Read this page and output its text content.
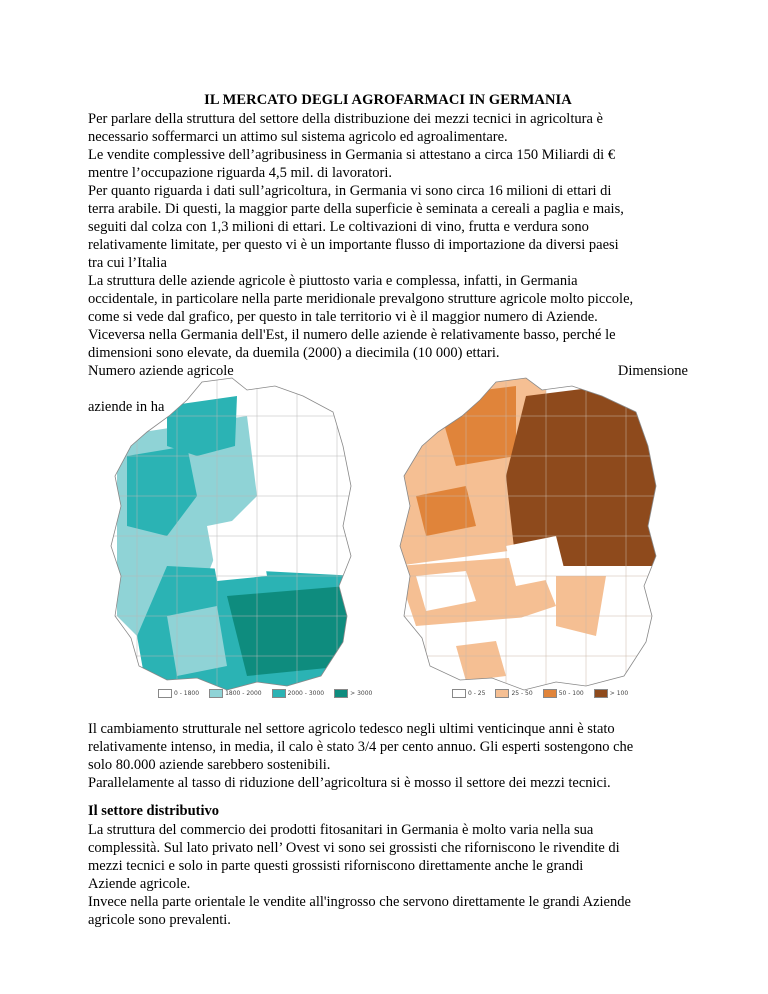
IL MERCATO DEGLI AGROFARMACI IN GERMANIA
Per parlare della struttura del settore della distribuzione dei mezzi tecnici in agricoltura è
necessario soffermarci un attimo sul sistema agricolo ed agroalimentare.
Le vendite complessive dell’agribusiness in Germania si attestano a circa 150 Miliardi di €
mentre l’occupazione riguarda 4,5 mil. di lavoratori.
Per quanto riguarda i dati sull’agricoltura, in Germania vi sono circa 16 milioni di ettari di
terra arabile. Di questi, la maggior parte della superficie è seminata a cereali a paglia e mais,
seguiti dal colza con 1,3 milioni di ettari. Le coltivazioni di vino, frutta e verdura sono
relativamente limitate, per questo vi è un importante flusso di importazione da diversi paesi
tra cui l’Italia
La struttura delle aziende agricole è piuttosto varia e complessa, infatti, in Germania
occidentale, in particolare nella parte meridionale prevalgono strutture agricole molto piccole,
come si vede dal grafico, per questo in tale territorio vi è il maggior numero di Aziende.
Viceversa nella Germania dell'Est, il numero delle aziende è relativamente basso, perché le
dimensioni sono elevate, da duemila (2000) a diecimila (10 000) ettari.

Numero aziende agricole	Dimensione

aziende in ha

Il cambiamento strutturale nel settore agricolo tedesco negli ultimi venticinque anni è stato
relativamente intenso, in media, il calo è stato 3/4 per cento annuo. Gli esperti sostengono che
solo 80.000 aziende sarebbero sostenibili.
Parallelamente al tasso di riduzione dell’agricoltura si è mosso il settore dei mezzi tecnici.
Il settore distributivo
La struttura del commercio dei prodotti fitosanitari in Germania è molto varia nella sua
complessità. Sul lato privato nell’ Ovest vi sono sei grossisti che riforniscono le rivendite di
mezzi tecnici e solo in parte questi grossisti riforniscono direttamente anche le grandi
Aziende agricole.
Invece nella parte orientale le vendite all'ingrosso che servono direttamente le grandi Aziende
agricole sono prevalenti.
0 - 1800	1800 - 2000	2000 - 3000	> 3000	0 - 25	25 - 50	50 - 100	> 100
